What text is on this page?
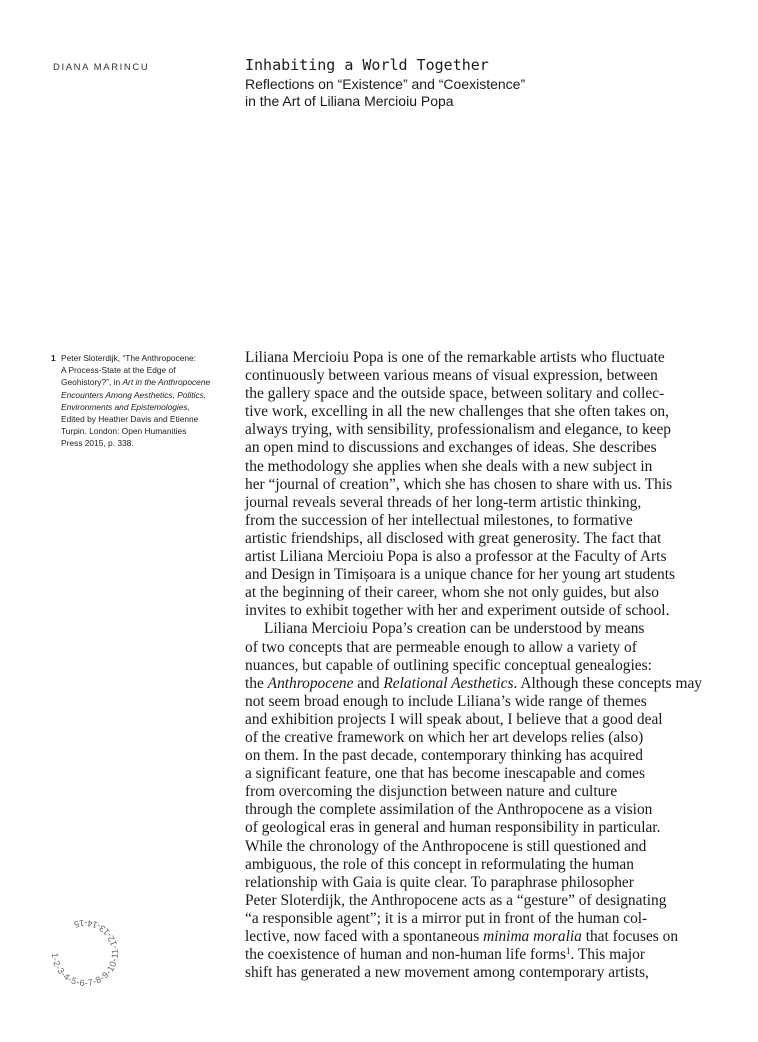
DIANA MARINCU	Inhabiting a World Together
Reflections on “Existence” and “Coexistence”
in the Art of Liliana Mercioiu Popa
1 Peter Sloterdijk, “The Anthropocene:
A Process-State at the Edge of
Geohistory?”, in Art in the Anthropocene
Encounters Among Aesthetics, Politics,
Environments and Epistemologies,
Edited by Heather Davis and Etienne
Turpin. London: Open Humanities
Press 2015, p. 338.
Liliana Mercioiu Popa is one of the remarkable artists who fluctuate
continuously between various means of visual expression, between
the gallery space and the outside space, between solitary and collec-
tive work, excelling in all the new challenges that she often takes on,
always trying, with sensibility, professionalism and elegance, to keep
an open mind to discussions and exchanges of ideas. She describes
the methodology she applies when she deals with a new subject in
her “journal of creation”, which she has chosen to share with us. This
journal reveals several threads of her long-term artistic thinking,
from the succession of her intellectual milestones, to formative
artistic friendships, all disclosed with great generosity. The fact that
artist Liliana Mercioiu Popa is also a professor at the Faculty of Arts
and Design in Timișoara is a unique chance for her young art students
at the beginning of their career, whom she not only guides, but also
invites to exhibit together with her and experiment outside of school.
Liliana Mercioiu Popa’s creation can be understood by means
of two concepts that are permeable enough to allow a variety of
nuances, but capable of outlining specific conceptual genealogies:
the Anthropocene and Relational Aesthetics. Although these concepts may
not seem broad enough to include Liliana’s wide range of themes
and exhibition projects I will speak about, I believe that a good deal
of the creative framework on which her art develops relies (also)
on them. In the past decade, contemporary thinking has acquired
a significant feature, one that has become inescapable and comes
from overcoming the disjunction between nature and culture
through the complete assimilation of the Anthropocene as a vision
of geological eras in general and human responsibility in particular.
While the chronology of the Anthropocene is still questioned and
ambiguous, the role of this concept in reformulating the human
relationship with Gaia is quite clear. To paraphrase philosopher
Peter Sloterdijk, the Anthropocene acts as a “gesture” of designating
“a responsible agent”; it is a mirror put in front of the human col-
lective, now faced with a spontaneous minima moralia that focuses on
the coexistence of human and non-human life forms$^1$. This major
shift has generated a new movement among contemporary artists,
1-2-3-4-5-6-7-8-9-10-11-12-13-14-15
